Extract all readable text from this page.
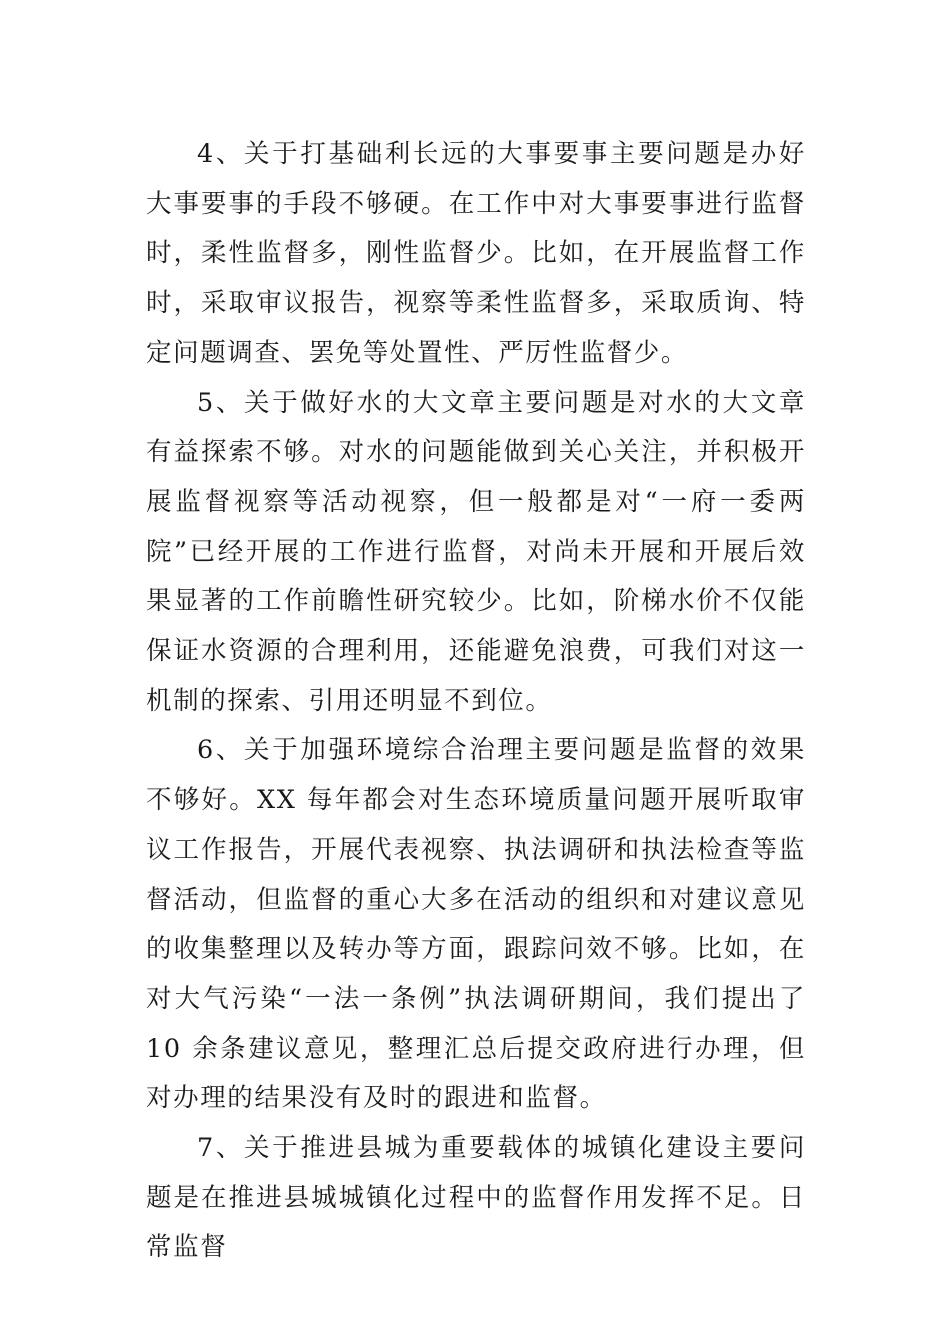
4、关于打基础利长远的大事要事主要问题是办好大事要事的手段不够硬。在工作中对大事要事进行监督时，柔性监督多，刚性监督少。比如，在开展监督工作时，采取审议报告，视察等柔性监督多，采取质询、特定问题调查、罢免等处置性、严厉性监督少。

5、关于做好水的大文章主要问题是对水的大文章有益探索不够。对水的问题能做到关心关注，并积极开展监督视察等活动视察，但一般都是对“一府一委两院”已经开展的工作进行监督，对尚未开展和开展后效果显著的工作前瞻性研究较少。比如，阶梯水价不仅能保证水资源的合理利用，还能避免浪费，可我们对这一机制的探索、引用还明显不到位。

6、关于加强环境综合治理主要问题是监督的效果不够好。XX 每年都会对生态环境质量问题开展听取审议工作报告，开展代表视察、执法调研和执法检查等监督活动，但监督的重心大多在活动的组织和对建议意见的收集整理以及转办等方面，跟踪问效不够。比如，在对大气污染“一法一条例”执法调研期间，我们提出了 10 余条建议意见，整理汇总后提交政府进行办理，但对办理的结果没有及时的跟进和监督。

7、关于推进县城为重要载体的城镇化建设主要问题是在推进县城城镇化过程中的监督作用发挥不足。日常监督
